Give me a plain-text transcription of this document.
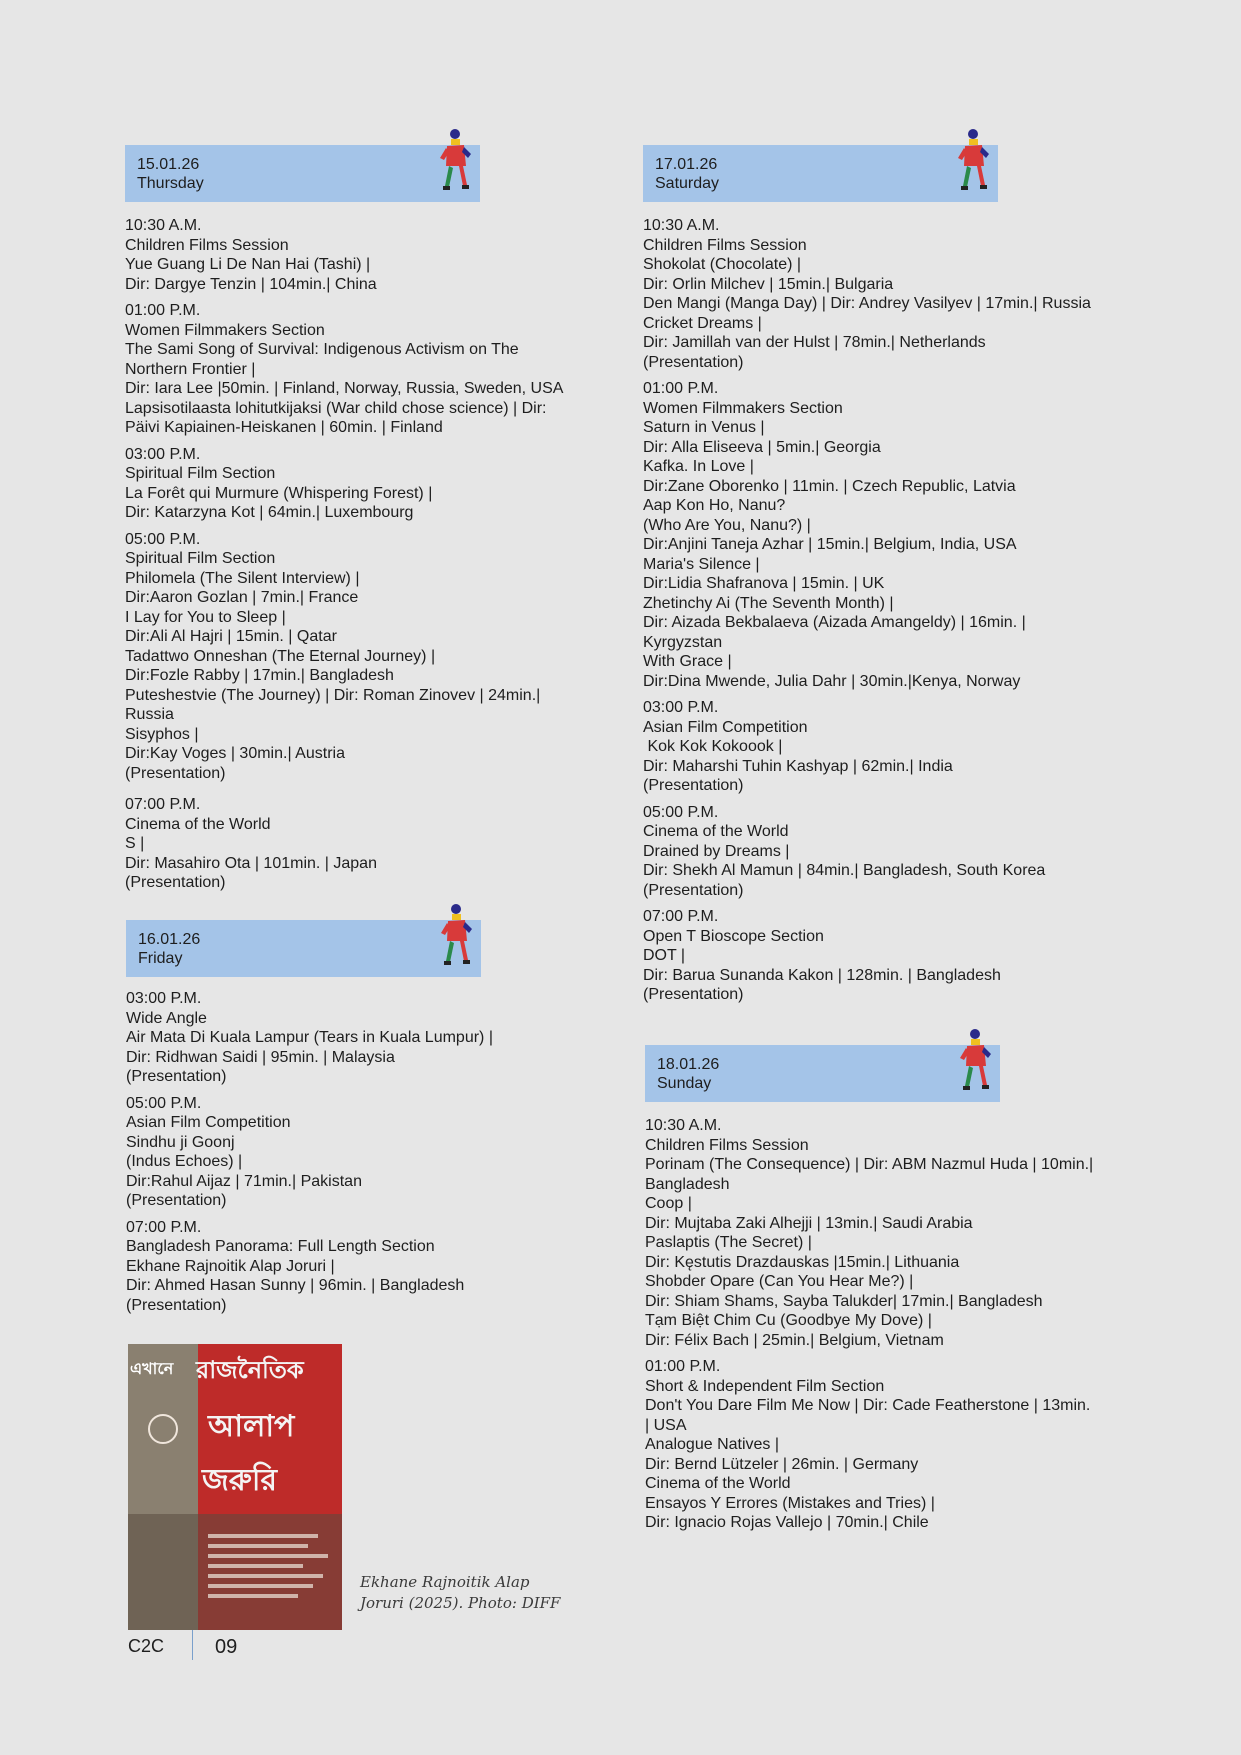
15.01.26
Thursday
10:30 A.M.
Children Films Session
Yue Guang Li De Nan Hai (Tashi) |
Dir: Dargye Tenzin | 104min.| China
01:00 P.M.
Women Filmmakers Section
The Sami Song of Survival: Indigenous Activism on The
Northern Frontier |
Dir: Iara Lee |50min. | Finland, Norway, Russia, Sweden, USA
Lapsisotilaasta lohitutkijaksi (War child chose science) | Dir:
Päivi Kapiainen-Heiskanen | 60min. | Finland
03:00 P.M.
Spiritual Film Section
La Forêt qui Murmure (Whispering Forest) |
Dir: Katarzyna Kot | 64min.| Luxembourg
05:00 P.M.
Spiritual Film Section
Philomela (The Silent Interview) |
Dir:Aaron Gozlan | 7min.| France
I Lay for You to Sleep |
Dir:Ali Al Hajri | 15min. | Qatar
Tadattwo Onneshan (The Eternal Journey) |
Dir:Fozle Rabby | 17min.| Bangladesh
Puteshestvie (The Journey) | Dir: Roman Zinovev | 24min.|
Russia
Sisyphos |
Dir:Kay Voges | 30min.| Austria
(Presentation)
07:00 P.M.
Cinema of the World
S |
Dir: Masahiro Ota | 101min. | Japan
(Presentation)
16.01.26
Friday
03:00 P.M.
Wide Angle
Air Mata Di Kuala Lampur (Tears in Kuala Lumpur) |
Dir: Ridhwan Saidi | 95min. | Malaysia
(Presentation)
05:00 P.M.
Asian Film Competition
Sindhu ji Goonj
(Indus Echoes) |
Dir:Rahul Aijaz | 71min.| Pakistan
(Presentation)
07:00 P.M.
Bangladesh Panorama: Full Length Section
Ekhane Rajnoitik Alap Joruri |
Dir: Ahmed Hasan Sunny | 96min. | Bangladesh
(Presentation)
এখানে রাজনৈতিক
আলাপ
জরুরি
Ekhane Rajnoitik Alap
Joruri (2025). Photo: DIFF
17.01.26
Saturday
10:30 A.M.
Children Films Session
Shokolat (Chocolate) |
Dir: Orlin Milchev | 15min.| Bulgaria
Den Mangi (Manga Day) | Dir: Andrey Vasilyev | 17min.| Russia
Cricket Dreams |
Dir: Jamillah van der Hulst | 78min.| Netherlands
(Presentation)
01:00 P.M.
Women Filmmakers Section
Saturn in Venus |
Dir: Alla Eliseeva | 5min.| Georgia
Kafka. In Love |
Dir:Zane Oborenko | 11min. | Czech Republic, Latvia
Aap Kon Ho, Nanu?
(Who Are You, Nanu?) |
Dir:Anjini Taneja Azhar | 15min.| Belgium, India, USA
Maria's Silence |
Dir:Lidia Shafranova | 15min. | UK
Zhetinchy Ai (The Seventh Month) |
Dir: Aizada Bekbalaeva (Aizada Amangeldy) | 16min. |
Kyrgyzstan
With Grace |
Dir:Dina Mwende, Julia Dahr | 30min.|Kenya, Norway
03:00 P.M.
Asian Film Competition
Kok Kok Kokoook |
Dir: Maharshi Tuhin Kashyap | 62min.| India
(Presentation)
05:00 P.M.
Cinema of the World
Drained by Dreams |
Dir: Shekh Al Mamun | 84min.| Bangladesh, South Korea
(Presentation)
07:00 P.M.
Open T Bioscope Section
DOT |
Dir: Barua Sunanda Kakon | 128min. | Bangladesh
(Presentation)
18.01.26
Sunday
10:30 A.M.
Children Films Session
Porinam (The Consequence) | Dir: ABM Nazmul Huda | 10min.|
Bangladesh
Coop |
Dir: Mujtaba Zaki Alhejji | 13min.| Saudi Arabia
Paslaptis (The Secret) |
Dir: Kęstutis Drazdauskas |15min.| Lithuania
Shobder Opare (Can You Hear Me?) |
Dir: Shiam Shams, Sayba Talukder| 17min.| Bangladesh
Tạm Biệt Chim Cu (Goodbye My Dove) |
Dir: Félix Bach | 25min.| Belgium, Vietnam
01:00 P.M.
Short & Independent Film Section
Don't You Dare Film Me Now | Dir: Cade Featherstone | 13min.
| USA
Analogue Natives |
Dir: Bernd Lützeler | 26min. | Germany
Cinema of the World
Ensayos Y Errores (Mistakes and Tries) |
Dir: Ignacio Rojas Vallejo | 70min.| Chile
C2C	09
